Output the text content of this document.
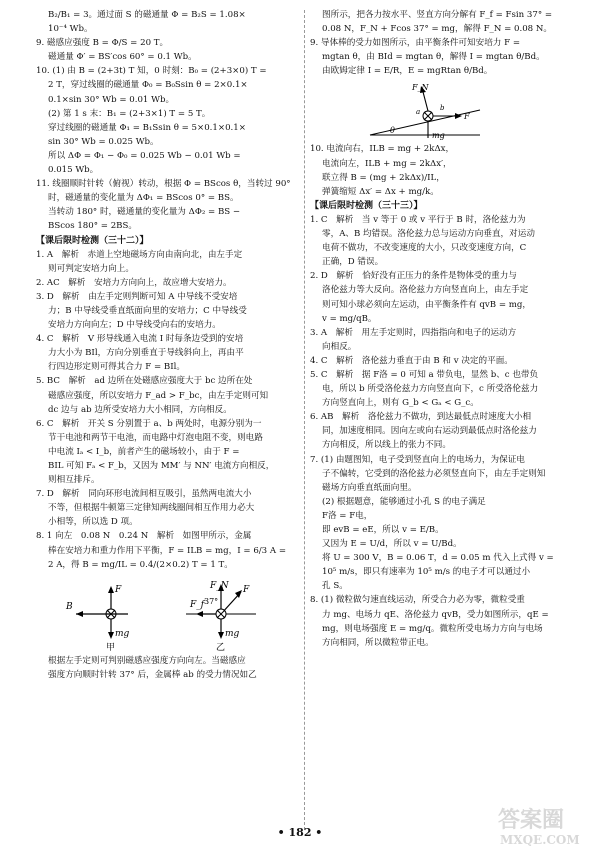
B₂/B₁ = 3。通过面 S 的磁通量 Φ = B₂S = 1.08×
10⁻⁴ Wb。
9. 磁感应强度 B = Φ/S = 20 T。
磁通量 Φ′ = BS′cos 60° = 0.1 Wb。
10. (1) 由 B = (2+3t) T 知，0 时刻：B₀ = (2+3×0) T =
2 T，穿过线圈的磁通量 Φ₀ = B₀Ssin θ = 2×0.1×
0.1×sin 30° Wb = 0.01 Wb。
(2) 第 1 s 末：B₁ = (2+3×1) T = 5 T。
穿过线圈的磁通量 Φ₁ = B₁Ssin θ = 5×0.1×0.1×
sin 30° Wb = 0.025 Wb。
所以 ΔΦ = Φ₁ − Φ₀ = 0.025 Wb − 0.01 Wb =
0.015 Wb。
11. 线圈顺时针转（俯视）转动，根据 Φ = BScos θ，当转过 90°
时，磁通量的变化量为 ΔΦ₁ = BScos 0° = BS。
当转动 180° 时，磁通量的变化量为 ΔΦ₂ = BS −
BScos 180° = 2BS。
【课后限时检测（三十二）】
1. A　解析　赤道上空地磁场方向由南向北，由左手定
则可判定安培力向上。
2. AC　解析　安培力方向向上，故应增大安培力。
3. D　解析　由左手定则判断可知 A 中导线不受安培
力；B 中导线受垂直纸面向里的安培力；C 中导线受
安培力方向向左；D 中导线受向右的安培力。
4. C　解析　V 形导线通入电流 I 时每条边受到的安培
力大小为 BIl，方向分别垂直于导线斜向上，再由平
行四边形定则可得其合力 F = BIl。
5. BC　解析　ad 边所在处磁感应强度大于 bc 边所在处
磁感应强度，所以安培力 F_ad > F_bc，由左手定则可知
dc 边与 ab 边所受安培力大小相同，方向相反。
6. C　解析　开关 S 分别置于 a、b 两处时，电源分别为一
节干电池和两节干电池，而电路中灯泡电阻不变，则电路
中电流 Iₐ < I_b，前者产生的磁场较小，由于 F =
BIL 可知 Fₐ < F_b，又因为 MM′ 与 NN′ 电流方向相反，
则相互排斥。
7. D　解析　同向环形电流间相互吸引，虽然两电流大小
不等，但根据牛顿第三定律知两线圈间相互作用力必大
小相等，所以选 D 项。
8. 1 向左　0.08 N　0.24 N　解析　如图甲所示，金属
棒在安培力和重力作用下平衡，F = ILB = mg，I = 6/3 A =
2 A，得 B = mg/IL = 0.4/(2×0.2) T = 1 T。
B
F
mg
甲
F
F_N
F_f 37°
mg
乙
根据左手定则可判别磁感应强度方向向左。当磁感应
强度方向顺时针转 37° 后，金属棒 ab 的受力情况如乙
图所示，把各力按水平、竖直方向分解有 F_f = Fsin 37° =
0.08 N，F_N + Fcos 37° = mg，解得 F_N = 0.08 N。
9. 导体棒的受力如图所示，由平衡条件可知安培力 F =
mgtan θ，由 BId = mgtan θ，解得 I = mgtan θ/Bd。
由欧姆定律 I = E/R，E = mgRtan θ/Bd。
θ
F_N
F
mg
a	b
10. 电流向右，ILB = mg + 2kΔx，
电流向左，ILB + mg = 2kΔx′，
联立得 B = (mg + 2kΔx)/IL，
弹簧缩短 Δx′ = Δx + mg/k。
【课后限时检测（三十三）】
1. C　解析　当 v 等于 0 或 v 平行于 B 时，洛伦兹力为
零，A、B 均错误。洛伦兹力总与运动方向垂直，对运动
电荷不做功，不改变速度的大小，只改变速度方向，C
正确，D 错误。
2. D　解析　恰好没有正压力的条件是物体受的重力与
洛伦兹力等大反向。洛伦兹力方向竖直向上，由左手定
则可知小球必须向左运动，由平衡条件有 qvB = mg，
v = mg/qB。
3. A　解析　用左手定则时，四指指向和电子的运动方
向相反。
4. C　解析　洛伦兹力垂直于由 B 和 v 决定的平面。
5. C　解析　据 F洛 = 0 可知 a 带负电，显然 b、c 也带负
电，所以 b 所受洛伦兹力方向竖直向下，c 所受洛伦兹力
方向竖直向上，则有 G_b < Gₐ < G_c。
6. AB　解析　洛伦兹力不做功，到达最低点时速度大小相
同，加速度相同。因向左或向右运动到最低点时洛伦兹力
方向相反，所以线上的张力不同。
7. (1) 由题图知，电子受到竖直向上的电场力，为保证电
子不偏转，它受到的洛伦兹力必须竖直向下，由左手定则知
磁场方向垂直纸面向里。
(2) 根据题意，能够通过小孔 S 的电子满足
F洛 = F电，
即 evB = eE，所以 v = E/B。
又因为 E = U/d，所以 v = U/Bd。
将 U = 300 V，B = 0.06 T，d = 0.05 m 代入上式得 v =
10⁵ m/s，即只有速率为 10⁵ m/s 的电子才可以通过小
孔 S。
8. (1) 微粒做匀速直线运动，所受合力必为零，微粒受重
力 mg、电场力 qE、洛伦兹力 qvB，受力如图所示，qE =
mg，则电场强度 E = mg/q。微粒所受电场力方向与电场
方向相同，所以微粒带正电。
• 182 •	答案圈
MXQE.COM
